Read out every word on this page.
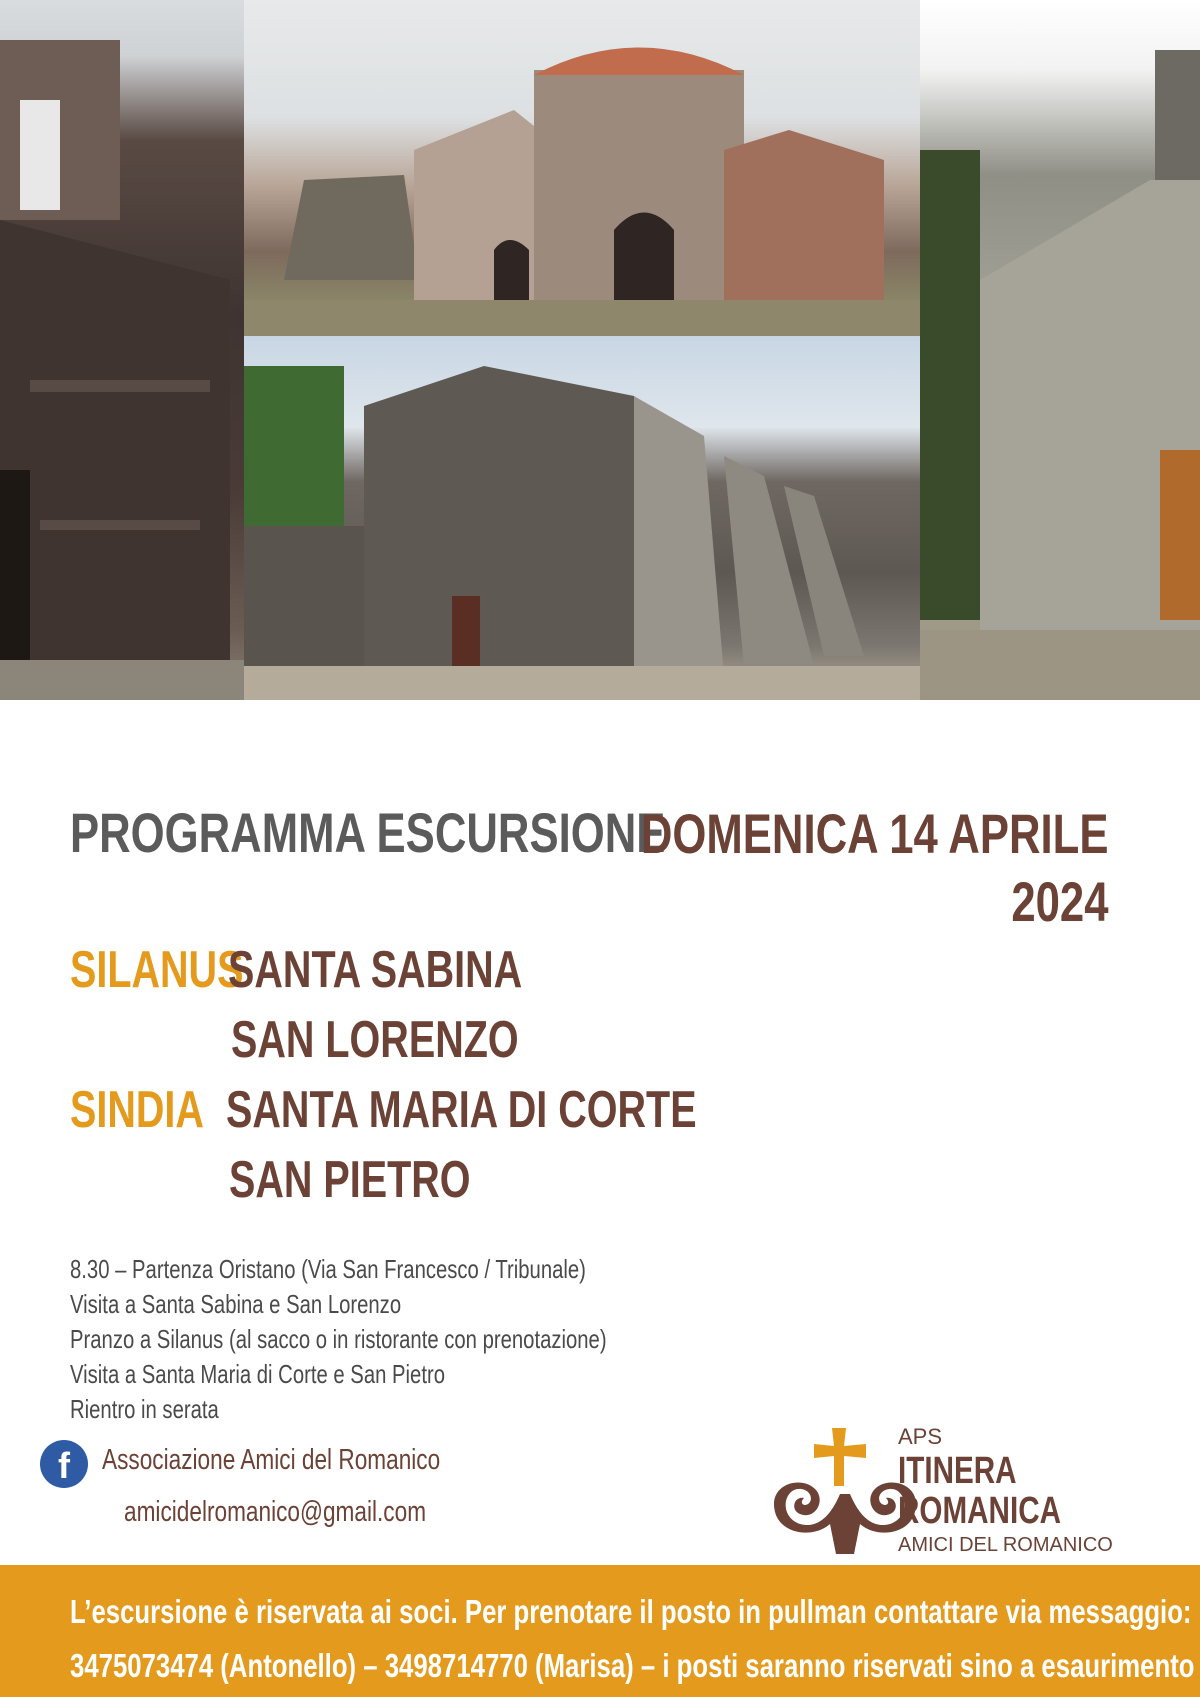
PROGRAMMA ESCURSIONE
DOMENICA 14 APRILE
2024
SILANUS
SANTA SABINA
SAN LORENZO
SINDIA SANTA MARIA DI CORTE
SAN PIETRO
8.30 – Partenza Oristano (Via San Francesco / Tribunale)
Visita a Santa Sabina e San Lorenzo
Pranzo a Silanus (al sacco o in ristorante con prenotazione)
Visita a Santa Maria di Corte e San Pietro
Rientro in serata
f	Associazione Amici del Romanico
amicidelromanico@gmail.com
APS
ITINERA
ROMANICA
AMICI DEL ROMANICO
L’escursione è riservata ai soci. Per prenotare il posto in pullman contattare via messaggio:
3475073474 (Antonello) – 3498714770 (Marisa) – i posti saranno riservati sino a esaurimento
